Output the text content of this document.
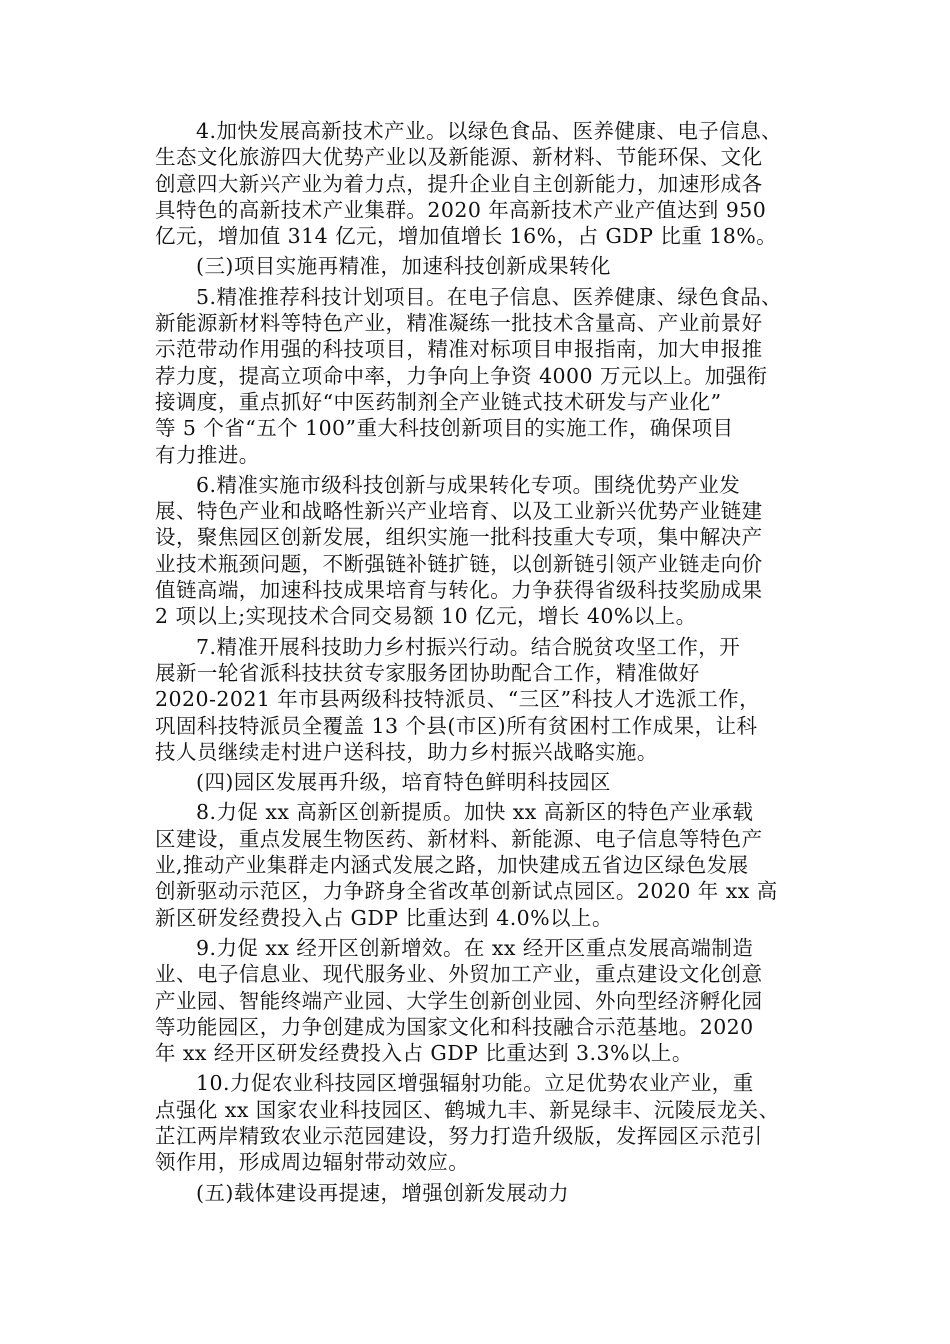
4.加快发展高新技术产业。以绿色食品、医养健康、电子信息、
生态文化旅游四大优势产业以及新能源、新材料、节能环保、文化
创意四大新兴产业为着力点，提升企业自主创新能力，加速形成各
具特色的高新技术产业集群。2020 年高新技术产业产值达到 950
亿元，增加值 314 亿元，增加值增长 16%，占 GDP 比重 18%。
(三)项目实施再精准，加速科技创新成果转化
5.精准推荐科技计划项目。在电子信息、医养健康、绿色食品、
新能源新材料等特色产业，精准凝练一批技术含量高、产业前景好
示范带动作用强的科技项目，精准对标项目申报指南，加大申报推
荐力度，提高立项命中率，力争向上争资 4000 万元以上。加强衔
接调度，重点抓好“中医药制剂全产业链式技术研发与产业化”
等 5 个省“五个 100”重大科技创新项目的实施工作，确保项目
有力推进。
6.精准实施市级科技创新与成果转化专项。围绕优势产业发
展、特色产业和战略性新兴产业培育、以及工业新兴优势产业链建
设，聚焦园区创新发展，组织实施一批科技重大专项，集中解决产
业技术瓶颈问题，不断强链补链扩链，以创新链引领产业链走向价
值链高端，加速科技成果培育与转化。力争获得省级科技奖励成果
2 项以上;实现技术合同交易额 10 亿元，增长 40%以上。
7.精准开展科技助力乡村振兴行动。结合脱贫攻坚工作，开
展新一轮省派科技扶贫专家服务团协助配合工作，精准做好
2020-2021 年市县两级科技特派员、“三区”科技人才选派工作，
巩固科技特派员全覆盖 13 个县(市区)所有贫困村工作成果，让科
技人员继续走村进户送科技，助力乡村振兴战略实施。
(四)园区发展再升级，培育特色鲜明科技园区
8.力促 xx 高新区创新提质。加快 xx 高新区的特色产业承载
区建设，重点发展生物医药、新材料、新能源、电子信息等特色产
业,推动产业集群走内涵式发展之路，加快建成五省边区绿色发展
创新驱动示范区，力争跻身全省改革创新试点园区。2020 年 xx 高
新区研发经费投入占 GDP 比重达到 4.0%以上。
9.力促 xx 经开区创新增效。在 xx 经开区重点发展高端制造
业、电子信息业、现代服务业、外贸加工产业，重点建设文化创意
产业园、智能终端产业园、大学生创新创业园、外向型经济孵化园
等功能园区，力争创建成为国家文化和科技融合示范基地。2020
年 xx 经开区研发经费投入占 GDP 比重达到 3.3%以上。
10.力促农业科技园区增强辐射功能。立足优势农业产业，重
点强化 xx 国家农业科技园区、鹤城九丰、新晃绿丰、沅陵辰龙关、
芷江两岸精致农业示范园建设，努力打造升级版，发挥园区示范引
领作用，形成周边辐射带动效应。
(五)载体建设再提速，增强创新发展动力
